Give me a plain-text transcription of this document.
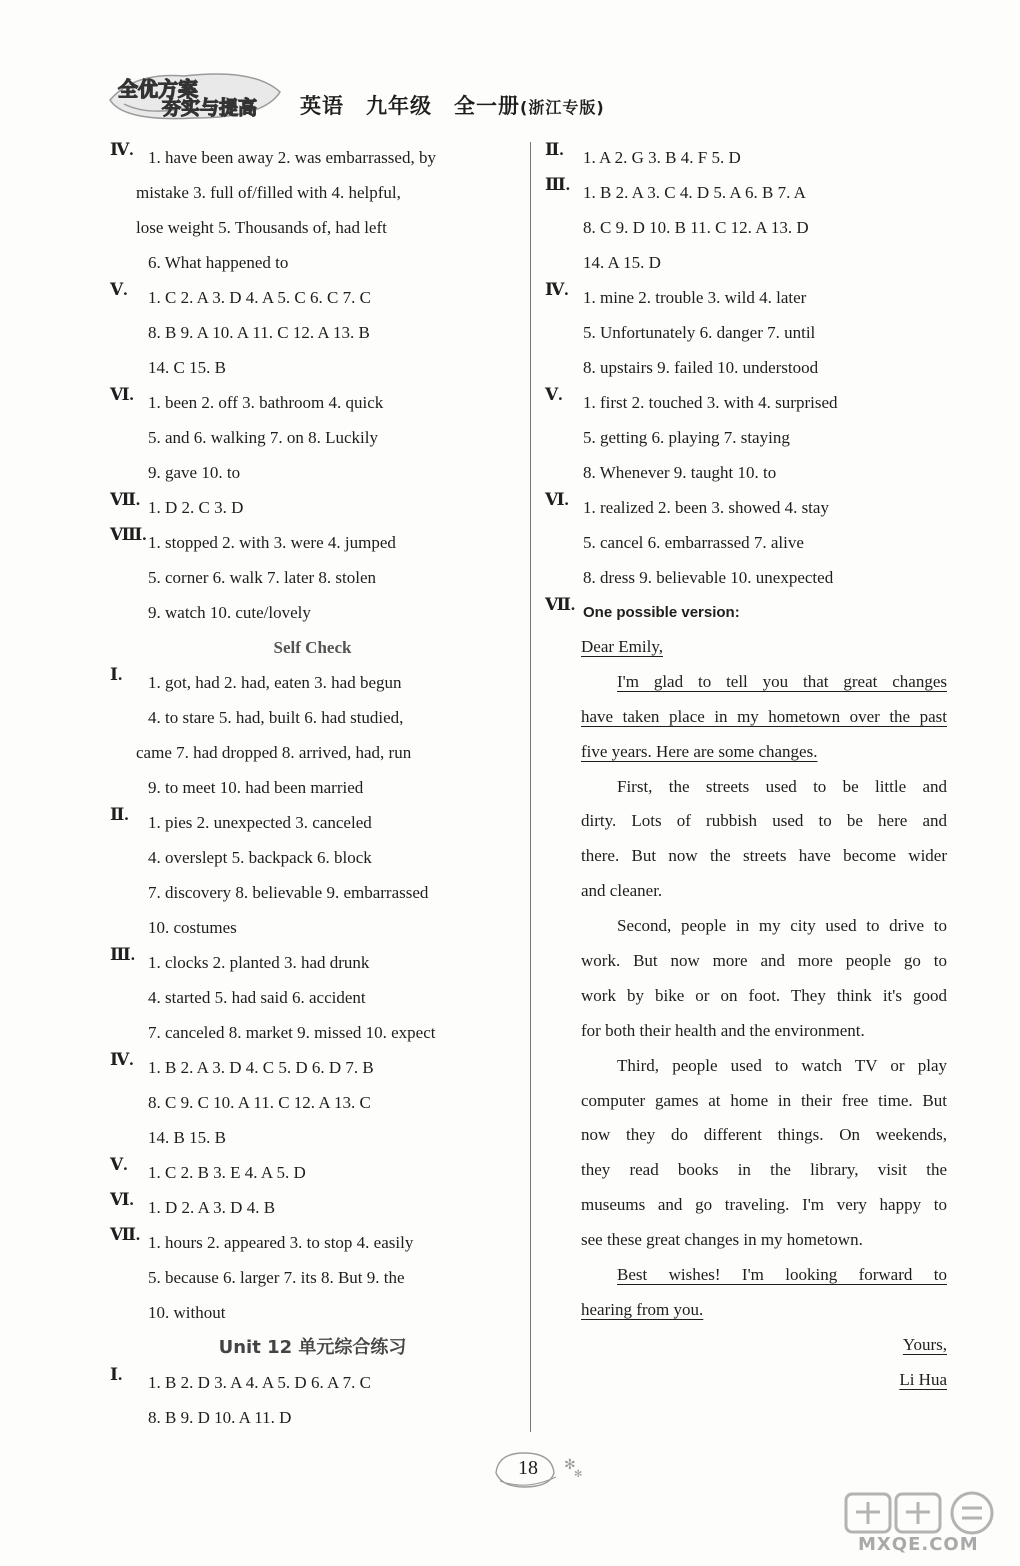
全优方案
夯实与提高 英语 九年级 全一册(浙江专版)
Ⅳ. 1. have been away 2. was embarrassed, by
mistake 3. full of/filled with 4. helpful,
lose weight 5. Thousands of, had left
6. What happened to
Ⅴ.	1. C 2. A 3. D 4. A 5. C 6. C 7. C
8. B 9. A 10. A 11. C 12. A 13. B
14. C 15. B
Ⅵ. 1. been 2. off 3. bathroom 4. quick
5. and 6. walking 7. on 8. Luckily
9. gave 10. to
Ⅶ. 1. D 2. C 3. D
Ⅷ. 1. stopped 2. with 3. were 4. jumped
5. corner 6. walk 7. later 8. stolen
9. watch 10. cute/lovely
Self Check
Ⅰ.	1. got, had 2. had, eaten 3. had begun
4. to stare 5. had, built 6. had studied,
came 7. had dropped 8. arrived, had, run
9. to meet 10. had been married
Ⅱ.	1. pies 2. unexpected 3. canceled
4. overslept 5. backpack 6. block
7. discovery 8. believable 9. embarrassed
10. costumes
Ⅲ. 1. clocks 2. planted 3. had drunk
4. started 5. had said 6. accident
7. canceled 8. market 9. missed 10. expect
Ⅳ. 1. B 2. A 3. D 4. C 5. D 6. D 7. B
8. C 9. C 10. A 11. C 12. A 13. C
14. B 15. B
Ⅴ.	1. C 2. B 3. E 4. A 5. D
Ⅵ. 1. D 2. A 3. D 4. B
Ⅶ. 1. hours 2. appeared 3. to stop 4. easily
5. because 6. larger 7. its 8. But 9. the
10. without
Unit 12 单元综合练习
Ⅰ.	1. B 2. D 3. A 4. A 5. D 6. A 7. C
8. B 9. D 10. A 11. D
Ⅱ.	1. A 2. G 3. B 4. F 5. D
Ⅲ. 1. B 2. A 3. C 4. D 5. A 6. B 7. A
8. C 9. D 10. B 11. C 12. A 13. D
14. A 15. D
Ⅳ. 1. mine 2. trouble 3. wild 4. later
5. Unfortunately 6. danger 7. until
8. upstairs 9. failed 10. understood
Ⅴ.	1. first 2. touched 3. with 4. surprised
5. getting 6. playing 7. staying
8. Whenever 9. taught 10. to
Ⅵ. 1. realized 2. been 3. showed 4. stay
5. cancel 6. embarrassed 7. alive
8. dress 9. believable 10. unexpected
Ⅶ. One possible version:
Dear Emily,
I'm glad to tell you that great changes
have taken place in my hometown over the past
five years. Here are some changes.
First, the streets used to be little and
dirty. Lots of rubbish used to be here and
there. But now the streets have become wider
and cleaner.
Second, people in my city used to drive to
work. But now more and more people go to
work by bike or on foot. They think it's good
for both their health and the environment.
Third, people used to watch TV or play
computer games at home in their free time. But
now they do different things. On weekends,
they read books in the library, visit the
museums and go traveling. I'm very happy to
see these great changes in my hometown.
Best wishes! I'm looking forward to
hearing from you.
Yours,
Li Hua
✻
✻
18
MXQE.COM
